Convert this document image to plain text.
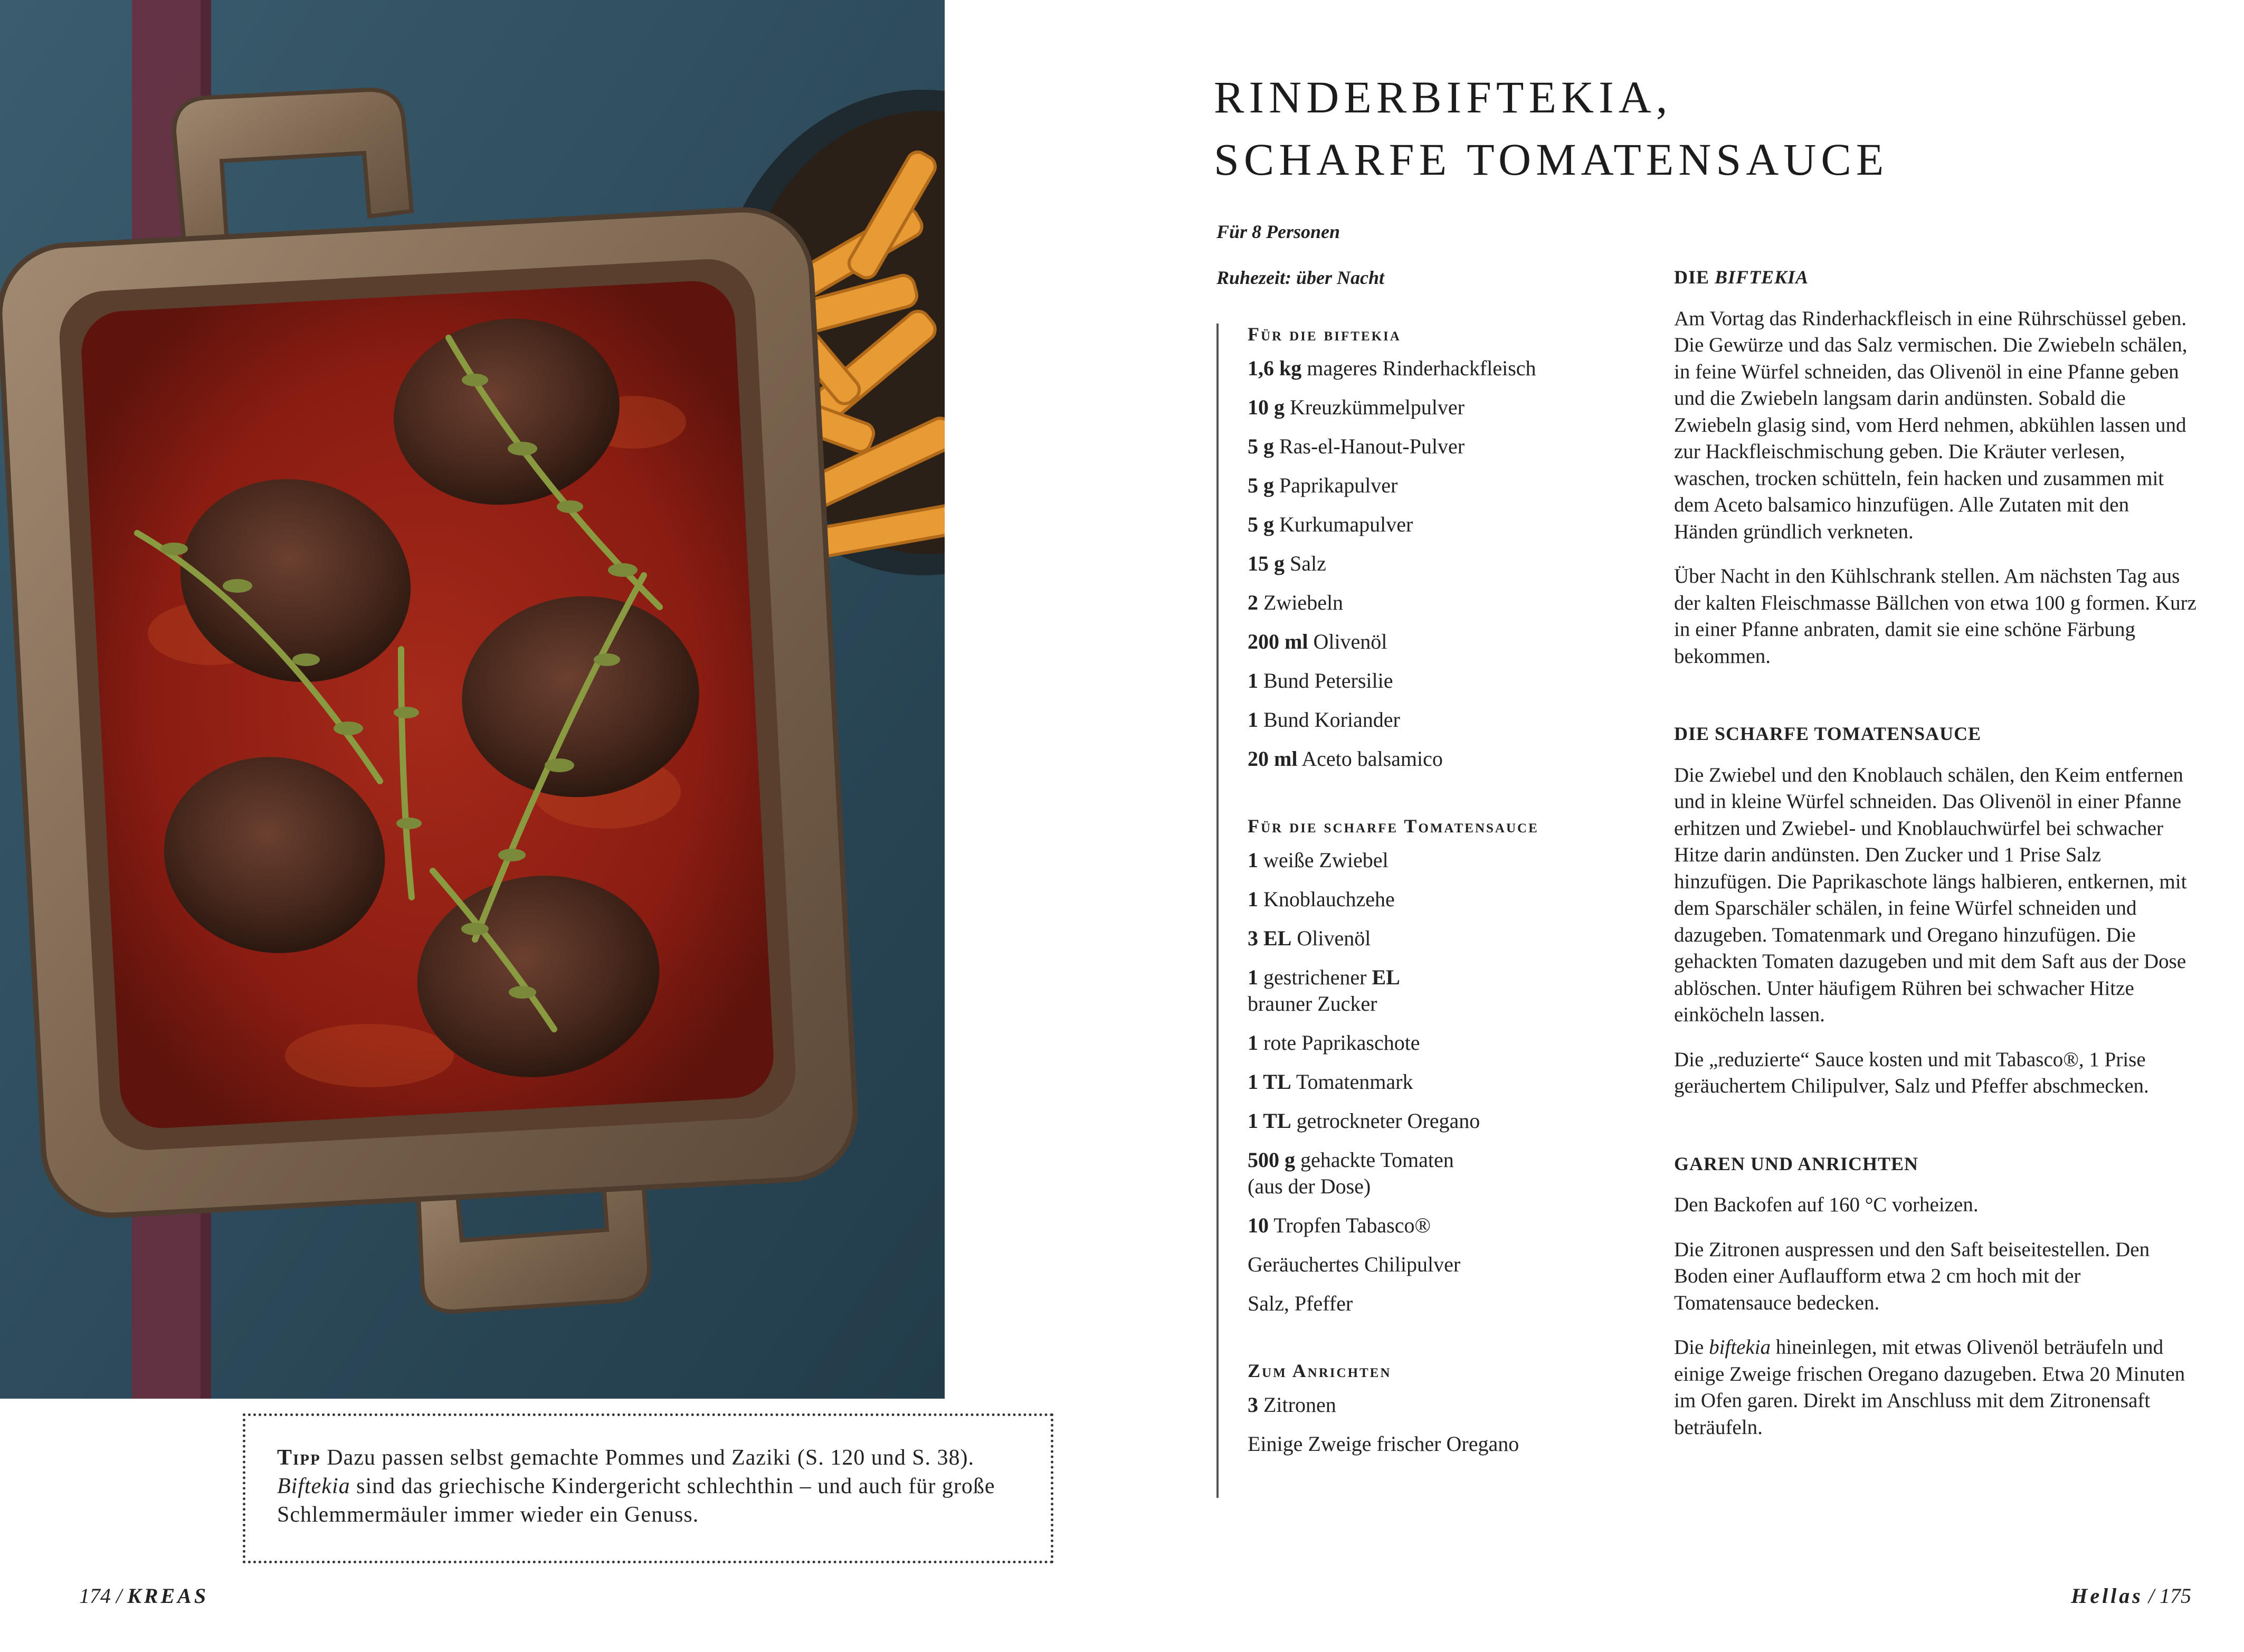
Tipp Dazu passen selbst gemachte Pommes und Zaziki (S. 120 und S. 38). Biftekia sind das griechische Kindergericht schlechthin – und auch für große Schlemmermäuler immer wieder ein Genuss.
174 / KREAS	Hellas / 175
RINDERBIFTEKIA,
SCHARFE TOMATENSAUCE
Für 8 Personen
Ruhezeit: über Nacht
Für die biftekia
1,6 kg mageres Rinderhackfleisch
10 g Kreuzkümmelpulver
5 g Ras-el-Hanout-Pulver
5 g Paprikapulver
5 g Kurkumapulver
15 g Salz
2 Zwiebeln
200 ml Olivenöl
1 Bund Petersilie
1 Bund Koriander
20 ml Aceto balsamico
Für die scharfe Tomatensauce
1 weiße Zwiebel
1 Knoblauchzehe
3 EL Olivenöl
1 gestrichener EL
brauner Zucker
1 rote Paprikaschote
1 TL Tomatenmark
1 TL getrockneter Oregano
500 g gehackte Tomaten
(aus der Dose)
10 Tropfen Tabasco®
Geräuchertes Chilipulver
Salz, Pfeffer
Zum Anrichten
3 Zitronen
Einige Zweige frischer Oregano
DIE BIFTEKIA

Am Vortag das Rinderhackfleisch in eine Rührschüssel geben. Die Gewürze und das Salz vermischen. Die Zwiebeln schälen, in feine Würfel schneiden, das Olivenöl in eine Pfanne geben und die Zwiebeln langsam darin andünsten. Sobald die Zwiebeln glasig sind, vom Herd nehmen, abkühlen lassen und zur Hackfleischmischung geben. Die Kräuter verlesen, waschen, trocken schütteln, fein hacken und zusammen mit dem Aceto balsamico hinzufügen. Alle Zutaten mit den Händen gründlich verkneten.

Über Nacht in den Kühlschrank stellen. Am nächsten Tag aus der kalten Fleischmasse Bällchen von etwa 100 g formen. Kurz in einer Pfanne anbraten, damit sie eine schöne Färbung bekommen.

DIE SCHARFE TOMATENSAUCE

Die Zwiebel und den Knoblauch schälen, den Keim entfernen und in kleine Würfel schneiden. Das Olivenöl in einer Pfanne erhitzen und Zwiebel- und Knoblauchwürfel bei schwacher Hitze darin andünsten. Den Zucker und 1 Prise Salz hinzufügen. Die Paprikaschote längs halbieren, entkernen, mit dem Sparschäler schälen, in feine Würfel schneiden und dazugeben. Tomatenmark und Oregano hinzufügen. Die gehackten Tomaten dazugeben und mit dem Saft aus der Dose ablöschen. Unter häufigem Rühren bei schwacher Hitze einköcheln lassen.

Die „reduzierte“ Sauce kosten und mit Tabasco®, 1 Prise geräuchertem Chilipulver, Salz und Pfeffer abschmecken.

GAREN UND ANRICHTEN

Den Backofen auf 160 °C vorheizen.

Die Zitronen auspressen und den Saft beiseitestellen. Den Boden einer Auflaufform etwa 2 cm hoch mit der Tomatensauce bedecken.

Die biftekia hineinlegen, mit etwas Olivenöl beträufeln und einige Zweige frischen Oregano dazugeben. Etwa 20 Minuten im Ofen garen. Direkt im Anschluss mit dem Zitronensaft beträufeln.
